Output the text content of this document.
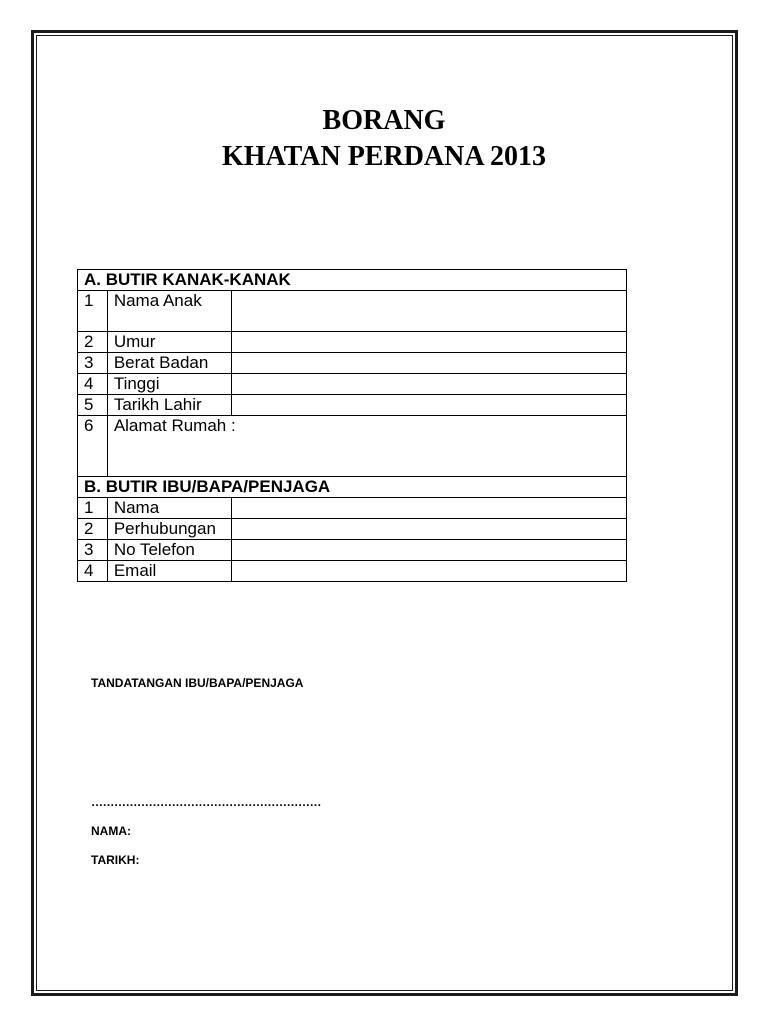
BORANG
KHATAN PERDANA 2013
A. BUTIR KANAK-KANAK		
1	Nama Anak	
2	Umur	
3	Berat Badan	
4	Tinggi	
5	Tarikh Lahir	
6	Alamat Rumah :	
B. BUTIR IBU/BAPA/PENJAGA		
1	Nama	
2	Perhubungan	
3	No Telefon	
4	Email	
TANDATANGAN IBU/BAPA/PENJAGA
……………………………………………………
NAMA:
TARIKH:
